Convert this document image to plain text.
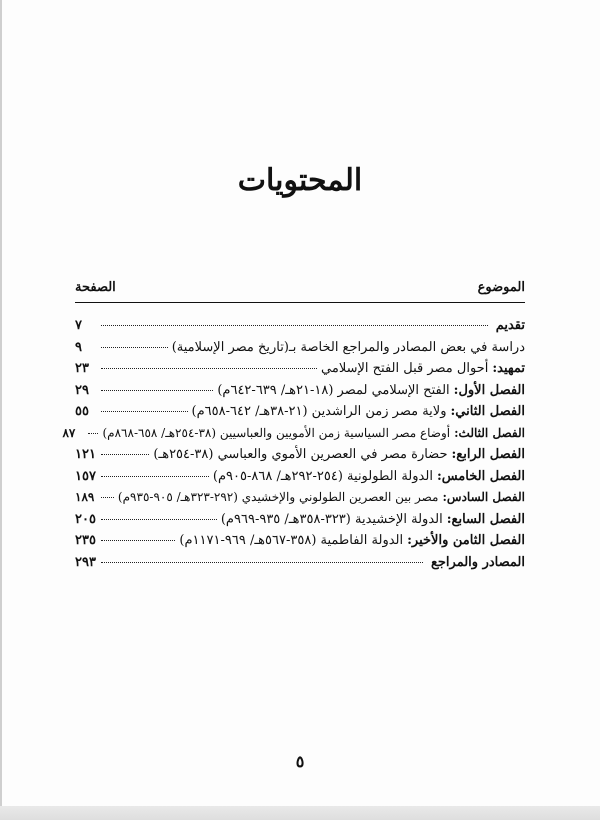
المحتويات
الموضوع
الصفحة
تقديم
٧
دراسة في بعض المصادر والمراجع الخاصة بـ(تاريخ مصر الإسلامية)
٩
تمهيد:
أحوال مصر قبل الفتح الإسلامي
٢٣
الفصل الأول:
الفتح الإسلامي لمصر (١٨-٢١هـ/ ٦٣٩-٦٤٢م)
٢٩
الفصل الثاني:
ولاية مصر زمن الراشدين (٢١-٣٨هـ/ ٦٤٢-٦٥٨م)
٥٥
الفصل الثالث:
أوضاع مصر السياسية زمن الأمويين والعباسيين (٣٨-٢٥٤هـ/ ٦٥٨-٨٦٨م)
٨٧
الفصل الرابع:
حضارة مصر في العصرين الأموي والعباسي (٣٨-٢٥٤هـ)
١٢١
الفصل الخامس:
الدولة الطولونية (٢٥٤-٢٩٢هـ/ ٨٦٨-٩٠٥م)
١٥٧
الفصل السادس:
مصر بين العصرين الطولوني والإخشيدي (٢٩٢-٣٢٣هـ/ ٩٠٥-٩٣٥م)
١٨٩
الفصل السابع:
الدولة الإخشيدية (٣٢٣-٣٥٨هـ/ ٩٣٥-٩٦٩م)
٢٠٥
الفصل الثامن والأخير:
الدولة الفاطمية (٣٥٨-٥٦٧هـ/ ٩٦٩-١١٧١م)
٢٣٥
المصادر والمراجع
٢٩٣
٥
